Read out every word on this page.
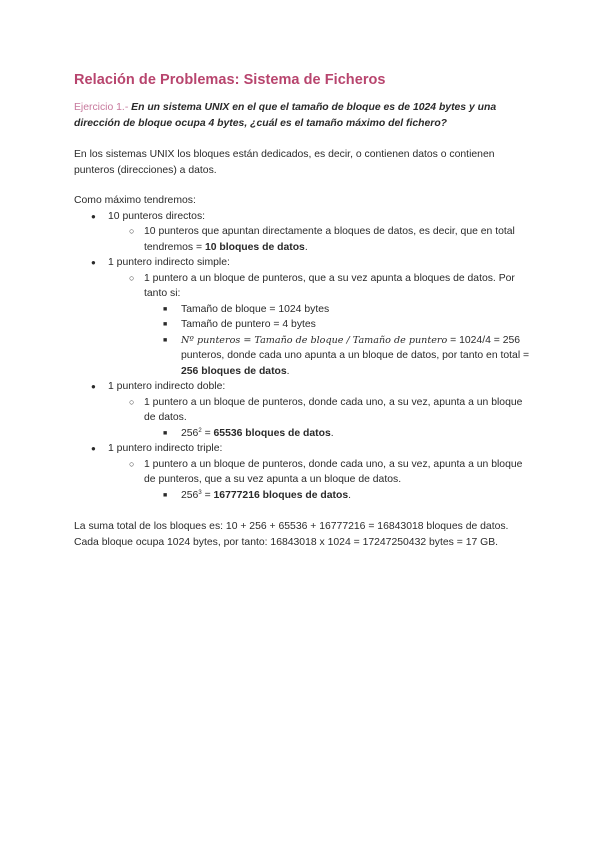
Relación de Problemas: Sistema de Ficheros

Ejercicio 1.- En un sistema UNIX en el que el tamaño de bloque es de 1024 bytes y una dirección de bloque ocupa 4 bytes, ¿cuál es el tamaño máximo del fichero?

En los sistemas UNIX los bloques están dedicados, es decir, o contienen datos o contienen punteros (direcciones) a datos.

Como máximo tendremos:

● 10 punteros directos:
○ 10 punteros que apuntan directamente a bloques de datos, es decir, que en total tendremos = 10 bloques de datos.
● 1 puntero indirecto simple:
○ 1 puntero a un bloque de punteros, que a su vez apunta a bloques de datos. Por tanto si:
■ Tamaño de bloque = 1024 bytes
■ Tamaño de puntero = 4 bytes
■ Nº punteros = Tamaño de bloque / Tamaño de puntero = 1024/4 = 256 punteros, donde cada uno apunta a un bloque de datos, por tanto en total = 256 bloques de datos.
● 1 puntero indirecto doble:
○ 1 puntero a un bloque de punteros, donde cada uno, a su vez, apunta a un bloque de datos.
■ $256^2 = 65536$ bloques de datos.
● 1 puntero indirecto triple:
○ 1 puntero a un bloque de punteros, donde cada uno, a su vez, apunta a un bloque de punteros, que a su vez apunta a un bloque de datos.
■ $256^3 = 16777216$ bloques de datos.

La suma total de los bloques es: 10 + 256 + 65536 + 16777216 = 16843018 bloques de datos.

Cada bloque ocupa 1024 bytes, por tanto: 16843018 x 1024 = 17247250432 bytes = 17 GB.
